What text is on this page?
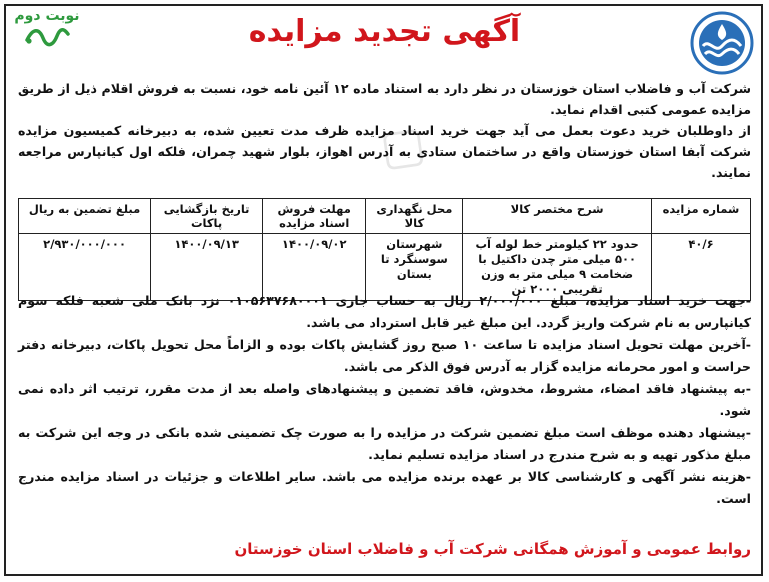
▢
نوبت دوم	آگهی تجدید مزایده
شرکت آب و فاضلاب استان خوزستان در نظر دارد به استناد ماده ۱۲ آئین نامه خود، نسبت به فروش اقلام ذیل از طریق مزایده عمومی کتبی اقدام نماید.
از داوطلبان خرید دعوت بعمل می آید جهت خرید اسناد مزایده ظرف مدت تعیین شده، به دبیرخانه کمیسیون مزایده شرکت آبفا استان خوزستان واقع در ساختمان ستادی به آدرس اهواز، بلوار شهید چمران، فلکه اول کیانپارس مراجعه نمایند.
شماره مزایده	شرح مختصر کالا	محل نگهداری کالا	مهلت فروش اسناد مزایده	تاریخ بازگشایی پاکات	مبلغ تضمین به ریال
۴۰/۶	حدود ۲۲ کیلومتر خط لوله آب ۵۰۰ میلی متر چدن داکتیل با ضخامت ۹ میلی متر به وزن تقریبی ۲۰۰۰ تن	شهرستان سوسنگرد تا بستان	۱۴۰۰/۰۹/۰۲	۱۴۰۰/۰۹/۱۳	۲/۹۳۰/۰۰۰/۰۰۰

-جهت خرید اسناد مزایده، مبلغ ۲/۰۰۰/۰۰۰ ریال به حساب جاری ۰۱۰۵۶۳۷۶۸۰۰۰۱ نزد بانک ملی شعبه فلکه سوم کیانپارس به نام شرکت واریز گردد. این مبلغ غیر قابل استرداد می باشد.

-آخرین مهلت تحویل اسناد مزایده تا ساعت ۱۰ صبح روز گشایش پاکات بوده و الزاماً محل تحویل پاکات، دبیرخانه دفتر حراست و امور محرمانه مزایده گزار به آدرس فوق الذکر می باشد.

-به پیشنهاد فاقد امضاء، مشروط، مخدوش، فاقد تضمین و پیشنهادهای واصله بعد از مدت مقرر، ترتیب اثر داده نمی شود.

-پیشنهاد دهنده موظف است مبلغ تضمین شرکت در مزایده را به صورت چک تضمینی شده بانکی در وجه این شرکت به مبلغ مذکور تهیه و به شرح مندرج در اسناد مزایده تسلیم نماید.

-هزینه نشر آگهی و کارشناسی کالا بر عهده برنده مزایده می باشد. سایر اطلاعات و جزئیات در اسناد مزایده مندرج است.

روابط عمومی و آموزش همگانی شرکت آب و فاضلاب استان خوزستان
